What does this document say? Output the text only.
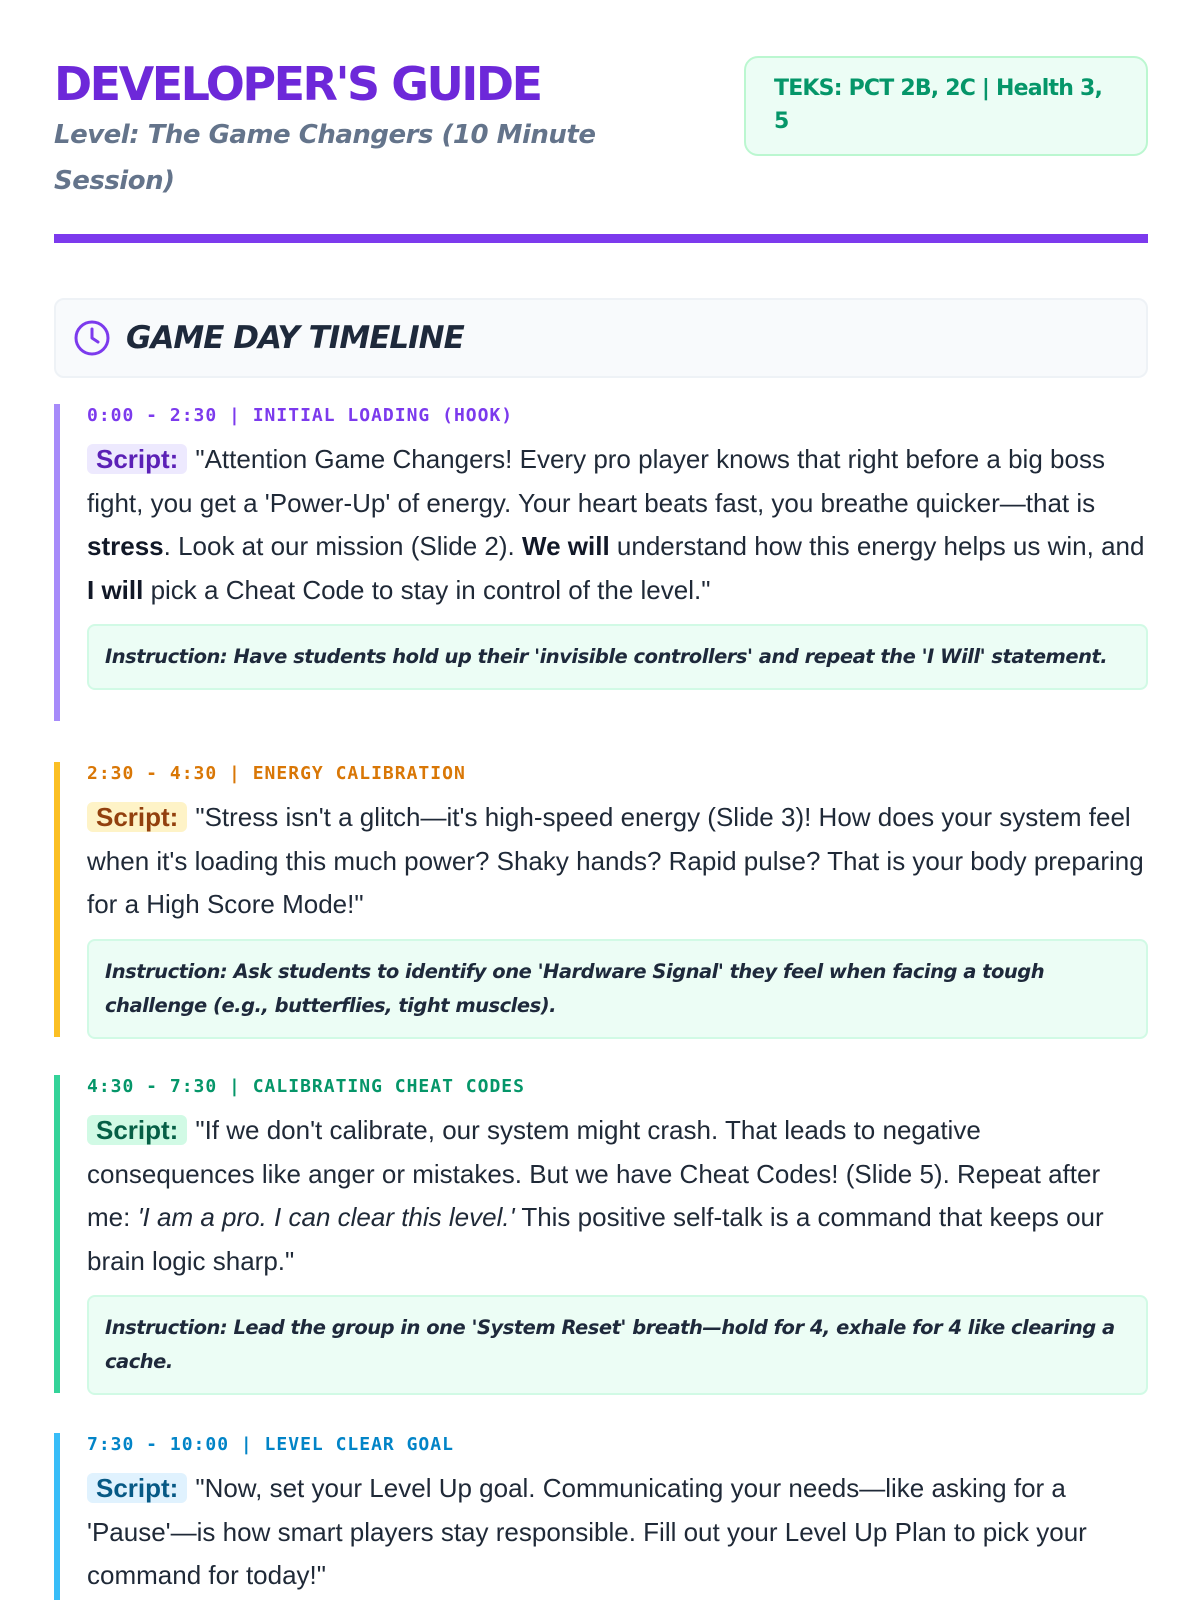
DEVELOPER'S GUIDE
Level: The Game Changers (10 Minute Session)
TEKS: PCT 2B, 2C | Health 3, 5
GAME DAY TIMELINE
0:00 - 2:30 | INITIAL LOADING (HOOK)
Script: "Attention Game Changers! Every pro player knows that right before a big boss fight, you get a 'Power-Up' of energy. Your heart beats fast, you breathe quicker—that is stress. Look at our mission (Slide 2). We will understand how this energy helps us win, and I will pick a Cheat Code to stay in control of the level."
Instruction: Have students hold up their 'invisible controllers' and repeat the 'I Will' statement.
2:30 - 4:30 | ENERGY CALIBRATION
Script: "Stress isn't a glitch—it's high-speed energy (Slide 3)! How does your system feel when it's loading this much power? Shaky hands? Rapid pulse? That is your body preparing for a High Score Mode!"
Instruction: Ask students to identify one 'Hardware Signal' they feel when facing a tough challenge (e.g., butterflies, tight muscles).
4:30 - 7:30 | CALIBRATING CHEAT CODES
Script: "If we don't calibrate, our system might crash. That leads to negative consequences like anger or mistakes. But we have Cheat Codes! (Slide 5). Repeat after me: 'I am a pro. I can clear this level.' This positive self-talk is a command that keeps our brain logic sharp."
Instruction: Lead the group in one 'System Reset' breath—hold for 4, exhale for 4 like clearing a cache.
7:30 - 10:00 | LEVEL CLEAR GOAL
Script: "Now, set your Level Up goal. Communicating your needs—like asking for a 'Pause'—is how smart players stay responsible. Fill out your Level Up Plan to pick your command for today!"
